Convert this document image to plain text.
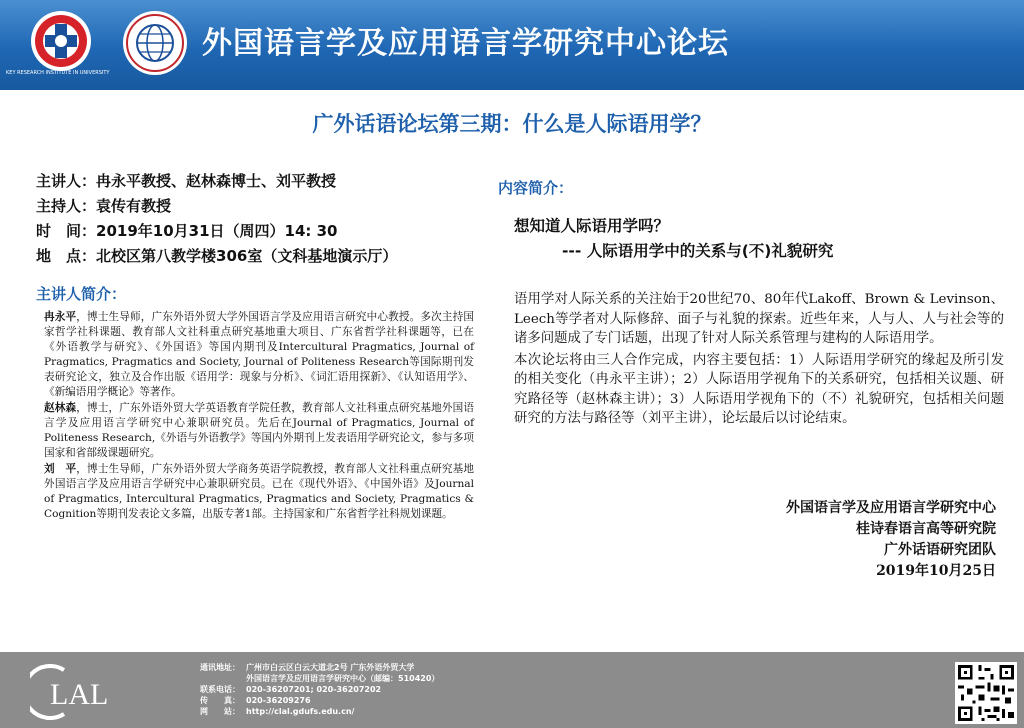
KEY RESEARCH INSTITUTE IN UNIVERSITY
外国语言学及应用语言学研究中心论坛
广外话语论坛第三期：什么是人际语用学？
主讲人：冉永平教授、赵林森博士、刘平教授
主持人：袁传有教授
时　间：2019年10月31日（周四）14: 30
地　点：北校区第八教学楼306室（文科基地演示厅）
主讲人简介：

冉永平，博士生导师，广东外语外贸大学外国语言学及应用语言研究中心教授。多次主持国家哲学社科课题、教育部人文社科重点研究基地重大项目、广东省哲学社科课题等，已在《外语教学与研究》、《外国语》等国内期刊及Intercultural Pragmatics, Journal of Pragmatics, Pragmatics and Society, Journal of Politeness Research等国际期刊发表研究论文，独立及合作出版《语用学：现象与分析》、《词汇语用探新》、《认知语用学》、《新编语用学概论》等著作。

赵林森，博士，广东外语外贸大学英语教育学院任教，教育部人文社科重点研究基地外国语言学及应用语言学研究中心兼职研究员。先后在Journal of Pragmatics, Journal of Politeness Research,《外语与外语教学》等国内外期刊上发表语用学研究论文，参与多项国家和省部级课题研究。

刘　平，博士生导师，广东外语外贸大学商务英语学院教授，教育部人文社科重点研究基地外国语言学及应用语言学研究中心兼职研究员。已在《现代外语》、《中国外语》及Journal of Pragmatics, Intercultural Pragmatics, Pragmatics and Society, Pragmatics & Cognition等期刊发表论文多篇，出版专著1部。主持国家和广东省哲学社科规划课题。

内容简介：
想知道人际语用学吗？
--- 人际语用学中的关系与(不)礼貌研究

语用学对人际关系的关注始于20世纪70、80年代Lakoff、Brown & Levinson、Leech等学者对人际修辞、面子与礼貌的探索。近些年来，人与人、人与社会等的诸多问题成了专门话题，出现了针对人际关系管理与建构的人际语用学。

本次论坛将由三人合作完成，内容主要包括：1）人际语用学研究的缘起及所引发的相关变化（冉永平主讲）；2）人际语用学视角下的关系研究，包括相关议题、研究路径等（赵林森主讲）；3）人际语用学视角下的（不）礼貌研究，包括相关问题研究的方法与路径等（刘平主讲），论坛最后以讨论结束。

外国语言学及应用语言学研究中心
桂诗春语言高等研究院
广外话语研究团队
2019年10月25日
LAL
通讯地址： 广州市白云区白云大道北2号 广东外语外贸大学
外国语言学及应用语言学研究中心（邮编：510420）
联系电话： 020-36207201; 020-36207202
传　　真： 020-36209276
网　　站： http://clal.gdufs.edu.cn/
